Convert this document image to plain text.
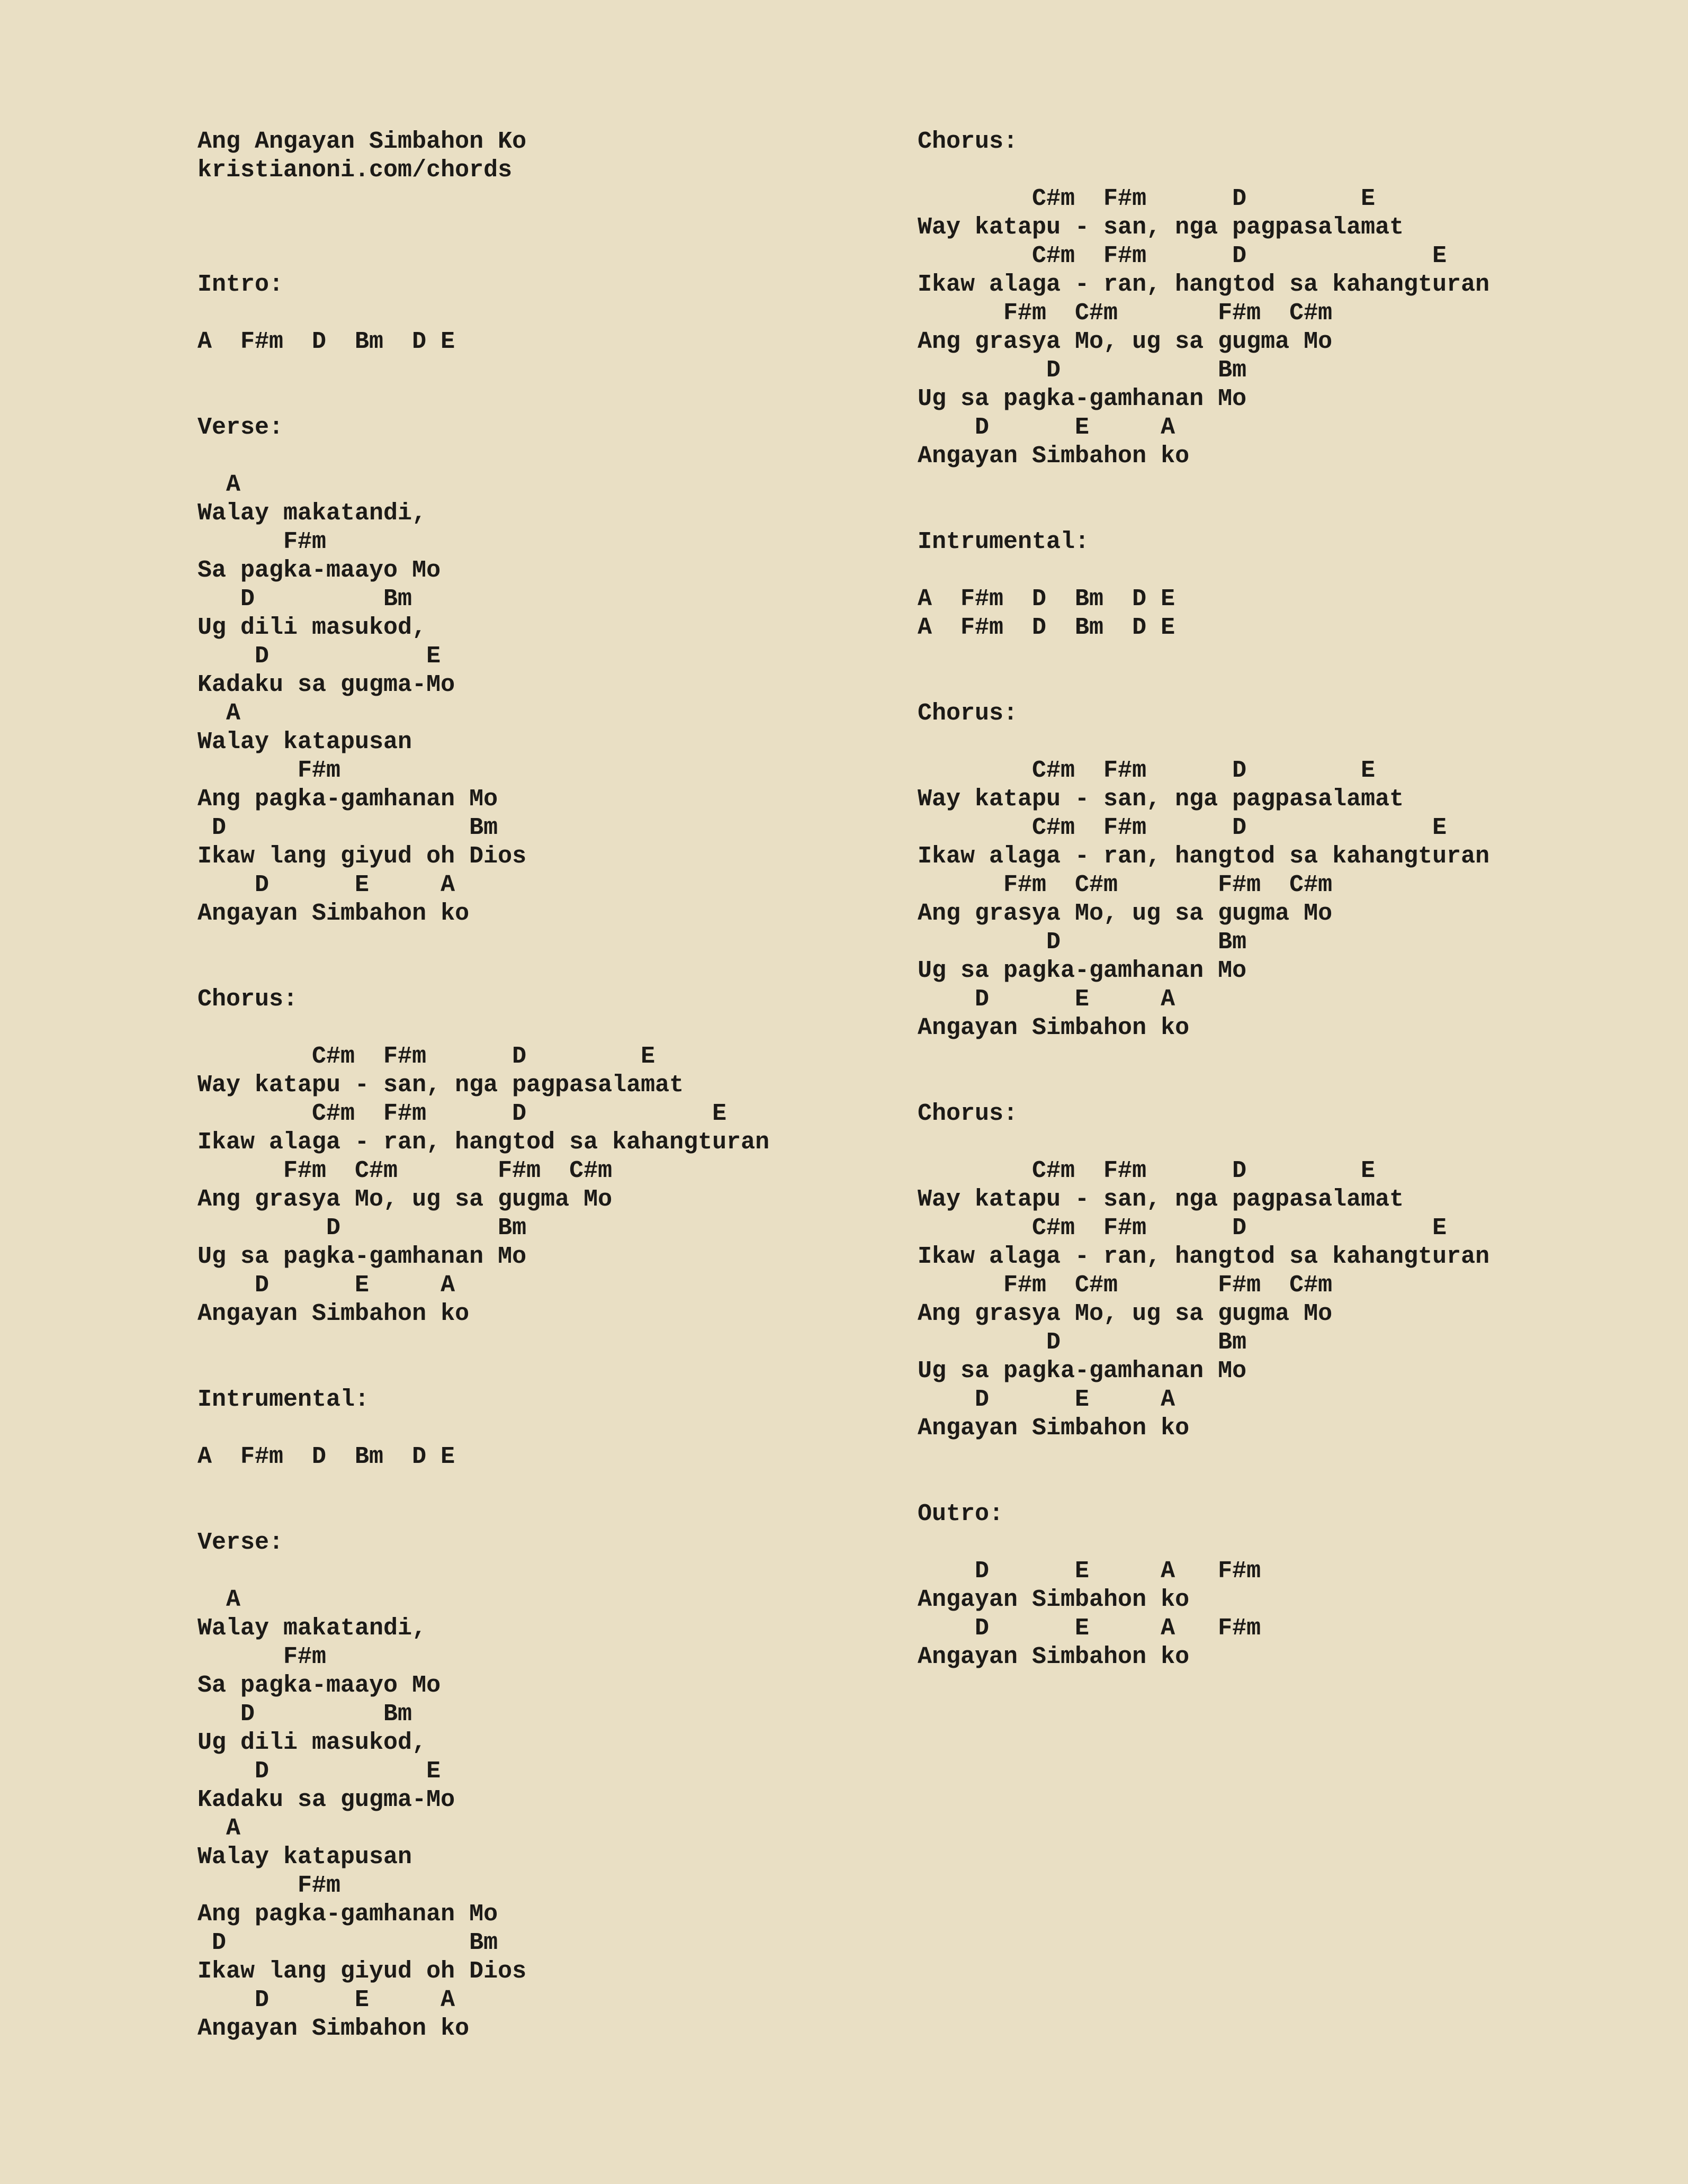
Ang Angayan Simbahon Ko
kristianoni.com/chords
Intro:
A  F#m  D  Bm  D E
Verse:
A
Walay makatandi,
F#m
Sa pagka-maayo Mo
D         Bm
Ug dili masukod,
D           E
Kadaku sa gugma-Mo
A
Walay katapusan
F#m
Ang pagka-gamhanan Mo
D                 Bm
Ikaw lang giyud oh Dios
D      E     A
Angayan Simbahon ko
Chorus:
C#m  F#m      D        E
Way katapu - san, nga pagpasalamat
C#m  F#m      D             E
Ikaw alaga - ran, hangtod sa kahangturan
F#m  C#m       F#m  C#m
Ang grasya Mo, ug sa gugma Mo
D           Bm
Ug sa pagka-gamhanan Mo
D      E     A
Angayan Simbahon ko
Intrumental:
A  F#m  D  Bm  D E
Verse:
A
Walay makatandi,
F#m
Sa pagka-maayo Mo
D         Bm
Ug dili masukod,
D           E
Kadaku sa gugma-Mo
A
Walay katapusan
F#m
Ang pagka-gamhanan Mo
D                 Bm
Ikaw lang giyud oh Dios
D      E     A
Angayan Simbahon ko
Chorus:
C#m  F#m      D        E
Way katapu - san, nga pagpasalamat
C#m  F#m      D             E
Ikaw alaga - ran, hangtod sa kahangturan
F#m  C#m       F#m  C#m
Ang grasya Mo, ug sa gugma Mo
D           Bm
Ug sa pagka-gamhanan Mo
D      E     A
Angayan Simbahon ko
Intrumental:
A  F#m  D  Bm  D E
A  F#m  D  Bm  D E
Chorus:
C#m  F#m      D        E
Way katapu - san, nga pagpasalamat
C#m  F#m      D             E
Ikaw alaga - ran, hangtod sa kahangturan
F#m  C#m       F#m  C#m
Ang grasya Mo, ug sa gugma Mo
D           Bm
Ug sa pagka-gamhanan Mo
D      E     A
Angayan Simbahon ko
Chorus:
C#m  F#m      D        E
Way katapu - san, nga pagpasalamat
C#m  F#m      D             E
Ikaw alaga - ran, hangtod sa kahangturan
F#m  C#m       F#m  C#m
Ang grasya Mo, ug sa gugma Mo
D           Bm
Ug sa pagka-gamhanan Mo
D      E     A
Angayan Simbahon ko
Outro:
D      E     A   F#m
Angayan Simbahon ko
D      E     A   F#m
Angayan Simbahon ko
